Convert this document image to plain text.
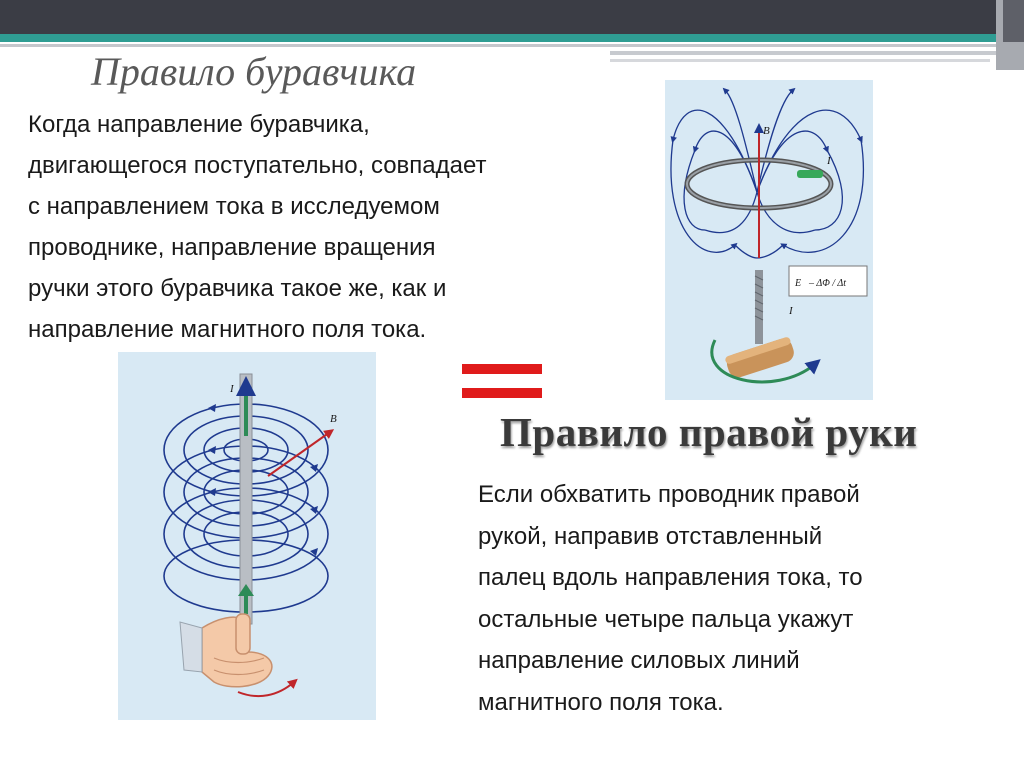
Правило буравчика
Когда направление буравчика,
двигающегося поступательно, совпадает
с направлением тока в исследуемом
проводнике, направление вращения
ручки этого буравчика такое же, как и
направление магнитного поля тока.
B
I
E – ΔΦ / Δt
I
Правило правой руки
Если обхватить проводник правой
рукой, направив отставленный
палец вдоль направления тока, то
остальные четыре пальца укажут
направление силовых линий
магнитного поля тока.
I
B
